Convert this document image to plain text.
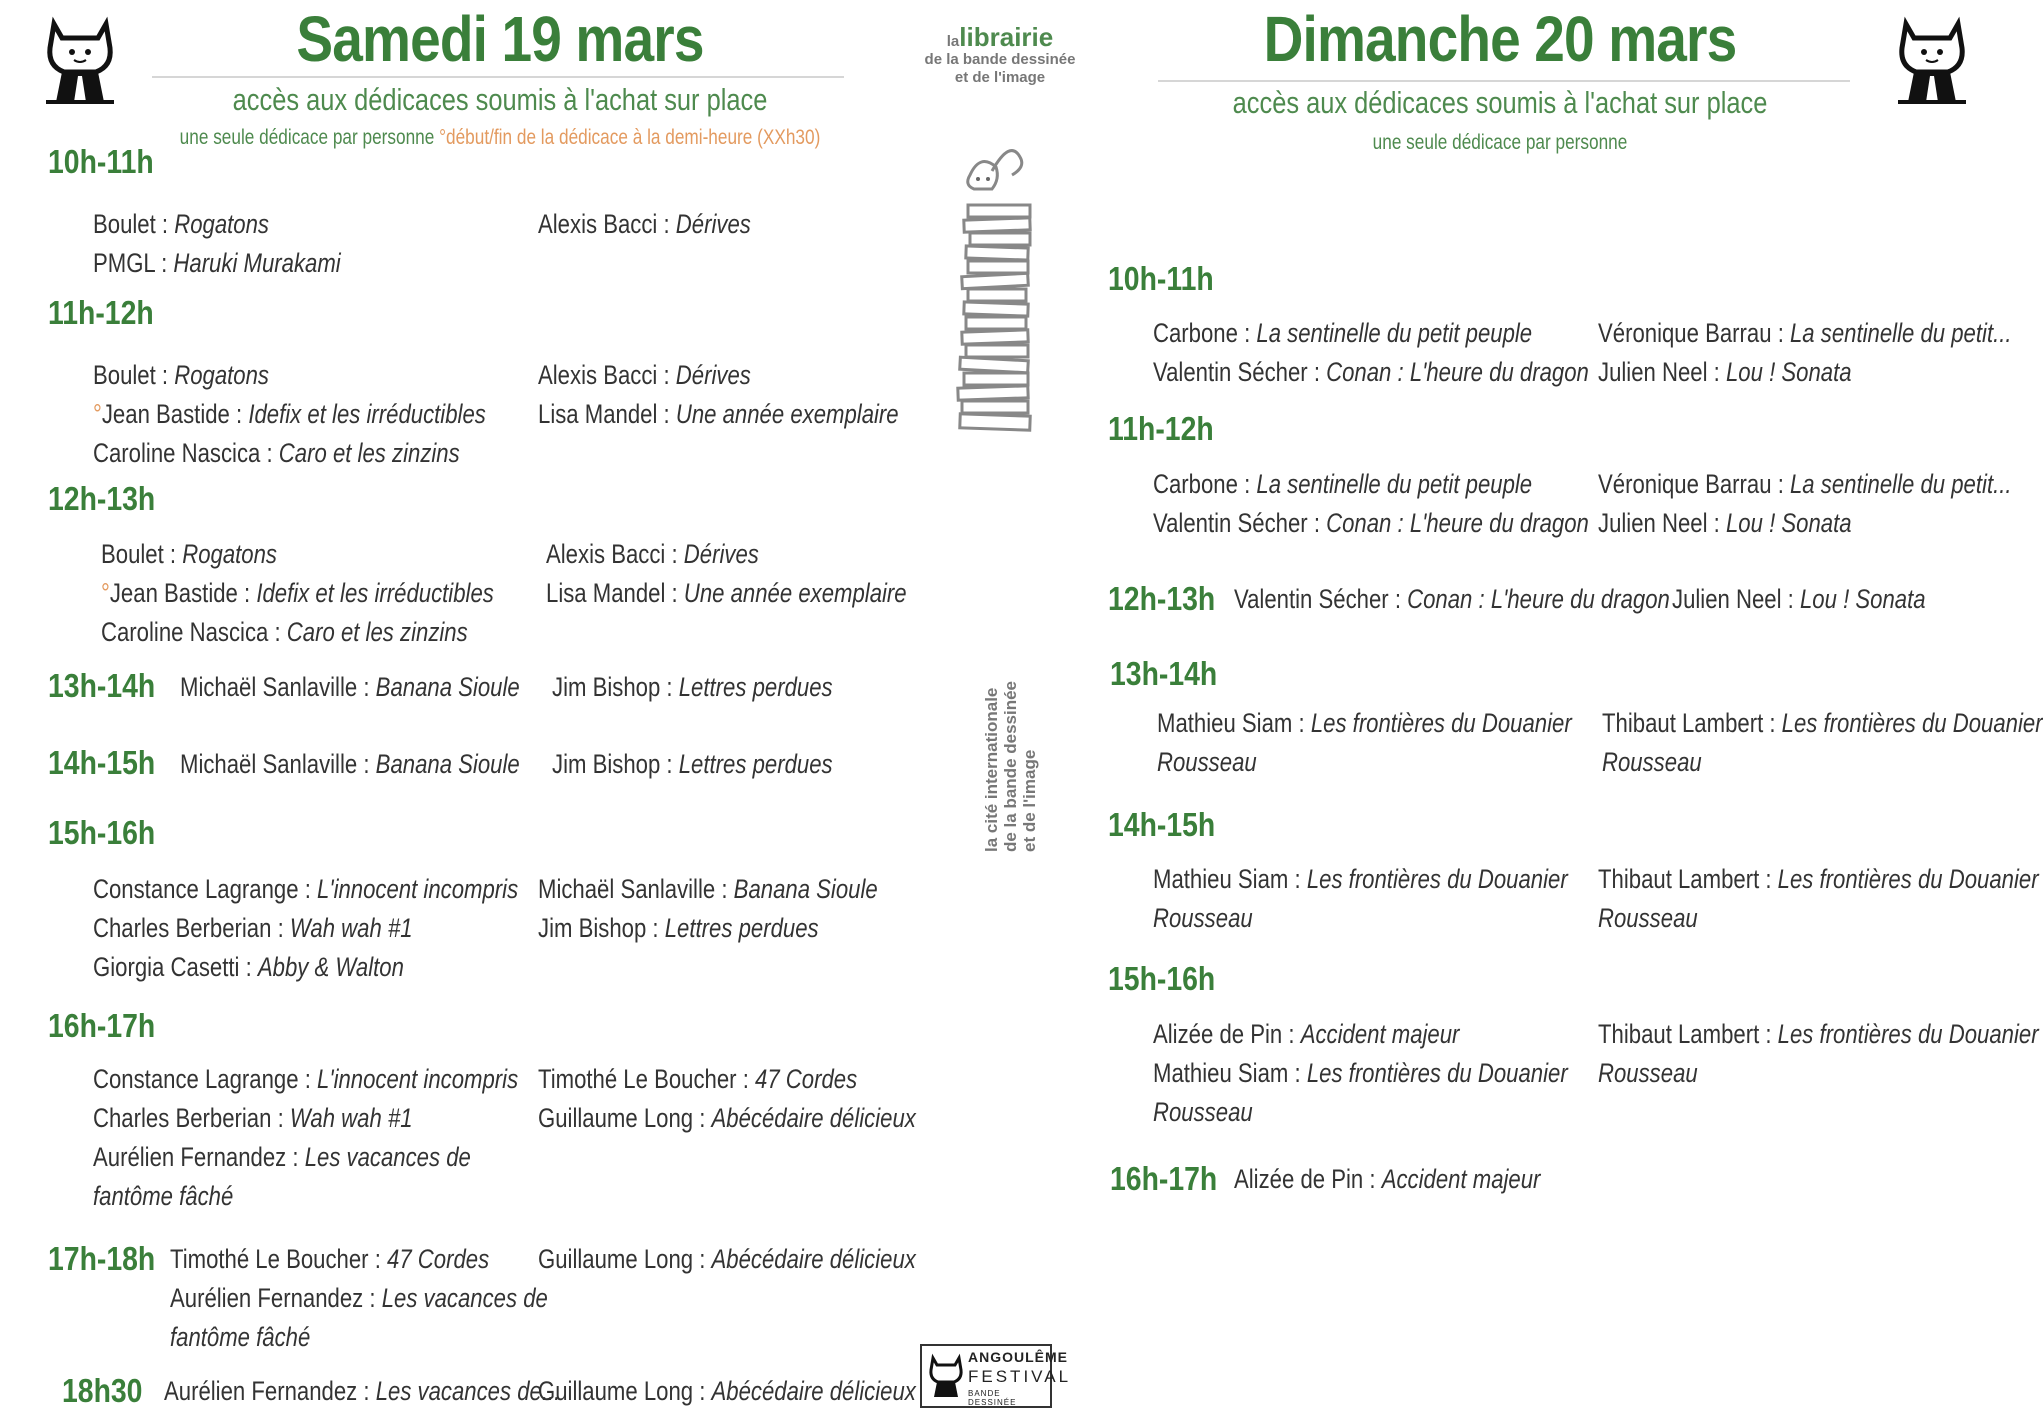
Samedi 19 mars
accès aux dédicaces soumis à l'achat sur place
une seule dédicace par personne °début/fin de la dédicace à la demi-heure (XXh30)
Dimanche 20 mars
accès aux dédicaces soumis à l'achat sur place
une seule dédicace par personne
lalibrairie
de la bande dessinée
et de l'image
la cité internationale de la bande dessinée et de l'image
ANGOULÊME
FESTIVAL
BANDE DESSINÉE
10h-11h
Boulet : Rogatons
PMGL : Haruki Murakami
Alexis Bacci : Dérives
11h-12h
Boulet : Rogatons
°Jean Bastide : Idefix et les irréductibles
Caroline Nascica : Caro et les zinzins
Alexis Bacci : Dérives
Lisa Mandel : Une année exemplaire
12h-13h
Boulet : Rogatons
°Jean Bastide : Idefix et les irréductibles
Caroline Nascica : Caro et les zinzins
Alexis Bacci : Dérives
Lisa Mandel : Une année exemplaire
13h-14h Michaël Sanlaville : Banana Sioule Jim Bishop : Lettres perdues
14h-15h Michaël Sanlaville : Banana Sioule Jim Bishop : Lettres perdues
15h-16h
Constance Lagrange : L'innocent incompris
Charles Berberian : Wah wah #1
Giorgia Casetti : Abby & Walton
Michaël Sanlaville : Banana Sioule
Jim Bishop : Lettres perdues
16h-17h
Constance Lagrange : L'innocent incompris
Charles Berberian : Wah wah #1
Aurélien Fernandez : Les vacances de
fantôme fâché
Timothé Le Boucher : 47 Cordes
Guillaume Long : Abécédaire délicieux
17h-18h Timothé Le Boucher : 47 Cordes
Aurélien Fernandez : Les vacances de
fantôme fâché
Guillaume Long : Abécédaire délicieux
18h30 Aurélien Fernandez : Les vacances de...
Guillaume Long : Abécédaire délicieux
10h-11h
Carbone : La sentinelle du petit peuple
Valentin Sécher : Conan : L'heure du dragon
Véronique Barrau : La sentinelle du petit...
Julien Neel : Lou ! Sonata
11h-12h
Carbone : La sentinelle du petit peuple
Valentin Sécher : Conan : L'heure du dragon
Véronique Barrau : La sentinelle du petit...
Julien Neel : Lou ! Sonata
12h-13h Valentin Sécher : Conan : L'heure du dragon Julien Neel : Lou ! Sonata
13h-14h
Mathieu Siam : Les frontières du Douanier
Rousseau
Thibaut Lambert : Les frontières du Douanier
Rousseau
14h-15h
Mathieu Siam : Les frontières du Douanier
Rousseau
Thibaut Lambert : Les frontières du Douanier
Rousseau
15h-16h
Alizée de Pin : Accident majeur
Mathieu Siam : Les frontières du Douanier
Rousseau
Thibaut Lambert : Les frontières du Douanier
Rousseau
16h-17h Alizée de Pin : Accident majeur
